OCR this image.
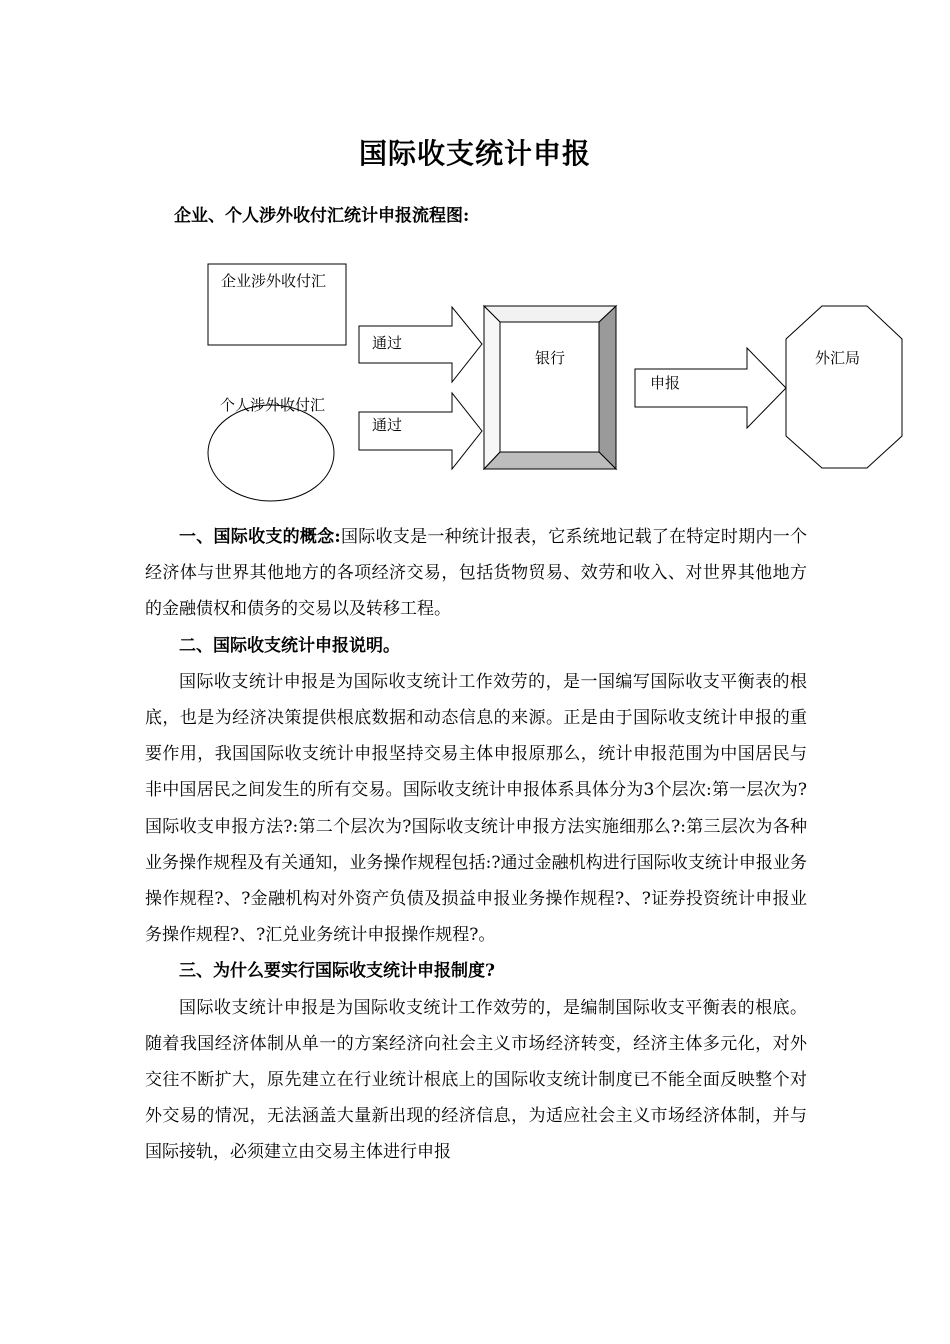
国际收支统计申报
企业、个人涉外收付汇统计申报流程图:
企业涉外收付汇
个人涉外收付汇
通过
通过
银行
申报
外汇局

一、国际收支的概念:国际收支是一种统计报表，它系统地记载了在特定时期内一个经济体与世界其他地方的各项经济交易，包括货物贸易、效劳和收入、对世界其他地方的金融债权和债务的交易以及转移工程。

二、国际收支统计申报说明。

国际收支统计申报是为国际收支统计工作效劳的，是一国编写国际收支平衡表的根底，也是为经济决策提供根底数据和动态信息的来源。正是由于国际收支统计申报的重要作用，我国国际收支统计申报坚持交易主体申报原那么，统计申报范围为中国居民与非中国居民之间发生的所有交易。国际收支统计申报体系具体分为3个层次:第一层次为?国际收支申报方法?:第二个层次为?国际收支统计申报方法实施细那么?:第三层次为各种业务操作规程及有关通知，业务操作规程包括:?通过金融机构进行国际收支统计申报业务操作规程?、?金融机构对外资产负债及损益申报业务操作规程?、?证券投资统计申报业务操作规程?、?汇兑业务统计申报操作规程?。

三、为什么要实行国际收支统计申报制度?

国际收支统计申报是为国际收支统计工作效劳的，是编制国际收支平衡表的根底。随着我国经济体制从单一的方案经济向社会主义市场经济转变，经济主体多元化，对外交往不断扩大，原先建立在行业统计根底上的国际收支统计制度已不能全面反映整个对外交易的情况，无法涵盖大量新出现的经济信息，为适应社会主义市场经济体制，并与国际接轨，必须建立由交易主体进行申报
